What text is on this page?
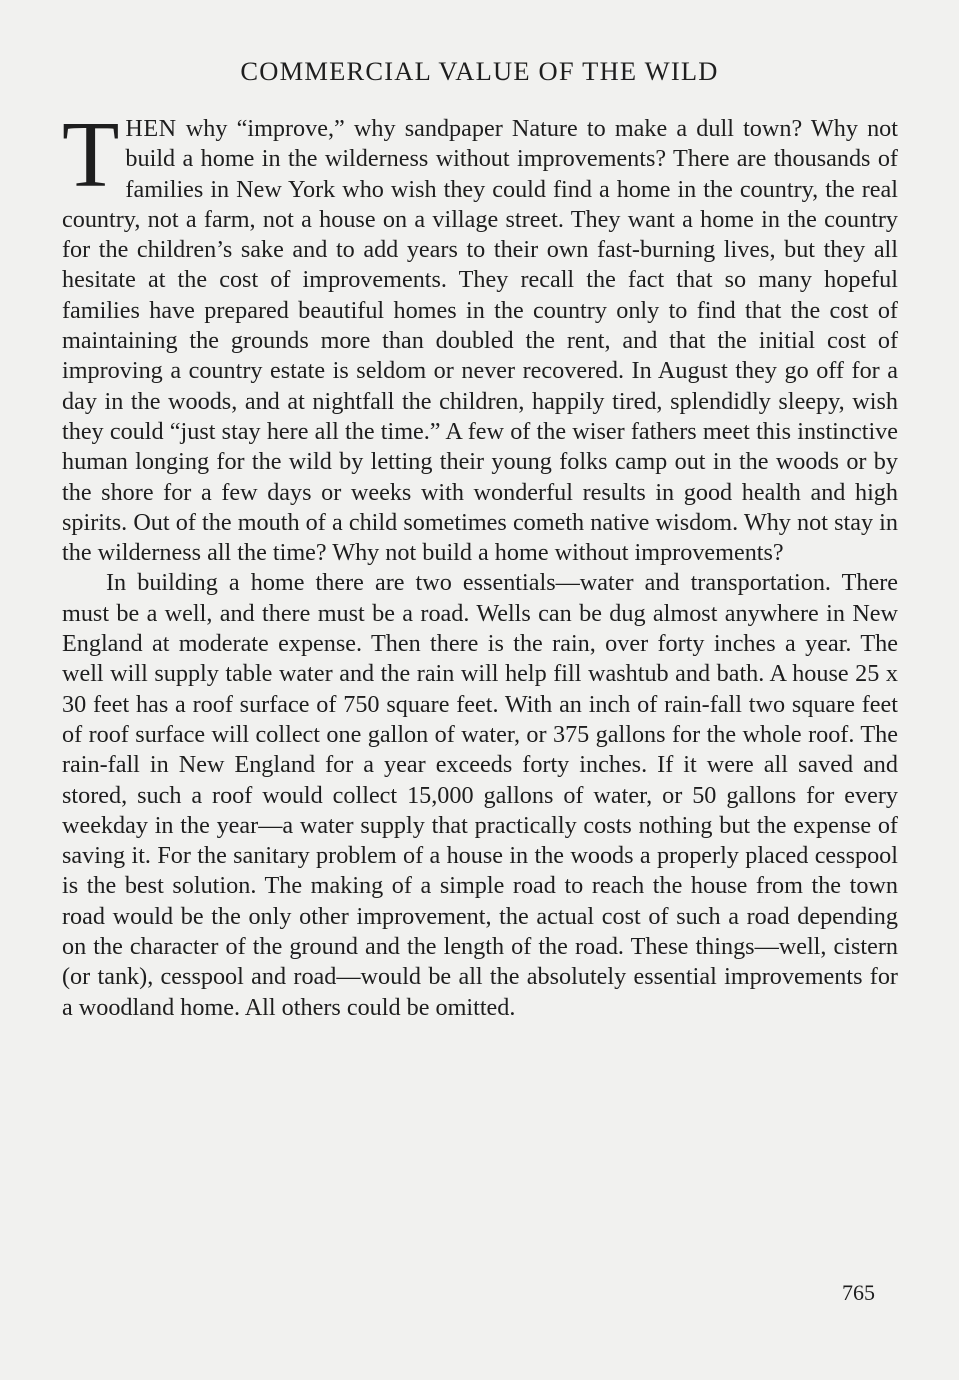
COMMERCIAL VALUE OF THE WILD

THEN why “improve,” why sandpaper Nature to make a dull town? Why not build a home in the wilderness without improvements? There are thousands of families in New York who wish they could find a home in the country, the real country, not a farm, not a house on a village street. They want a home in the country for the children’s sake and to add years to their own fast-burning lives, but they all hesitate at the cost of improvements. They recall the fact that so many hopeful families have prepared beautiful homes in the country only to find that the cost of maintaining the grounds more than doubled the rent, and that the initial cost of improving a country estate is seldom or never recovered. In August they go off for a day in the woods, and at nightfall the children, happily tired, splendidly sleepy, wish they could “just stay here all the time.” A few of the wiser fathers meet this instinctive human longing for the wild by letting their young folks camp out in the woods or by the shore for a few days or weeks with wonderful results in good health and high spirits. Out of the mouth of a child sometimes cometh native wisdom. Why not stay in the wilderness all the time? Why not build a home without improvements?

In building a home there are two essentials—water and transportation. There must be a well, and there must be a road. Wells can be dug almost anywhere in New England at moderate expense. Then there is the rain, over forty inches a year. The well will supply table water and the rain will help fill washtub and bath. A house 25 x 30 feet has a roof surface of 750 square feet. With an inch of rain-fall two square feet of roof surface will collect one gallon of water, or 375 gallons for the whole roof. The rain-fall in New England for a year exceeds forty inches. If it were all saved and stored, such a roof would collect 15,000 gallons of water, or 50 gallons for every weekday in the year—a water supply that practically costs nothing but the expense of saving it. For the sanitary problem of a house in the woods a properly placed cesspool is the best solution. The making of a simple road to reach the house from the town road would be the only other improvement, the actual cost of such a road depending on the character of the ground and the length of the road. These things—well, cistern (or tank), cesspool and road—would be all the absolutely essential improvements for a woodland home. All others could be omitted.

765
